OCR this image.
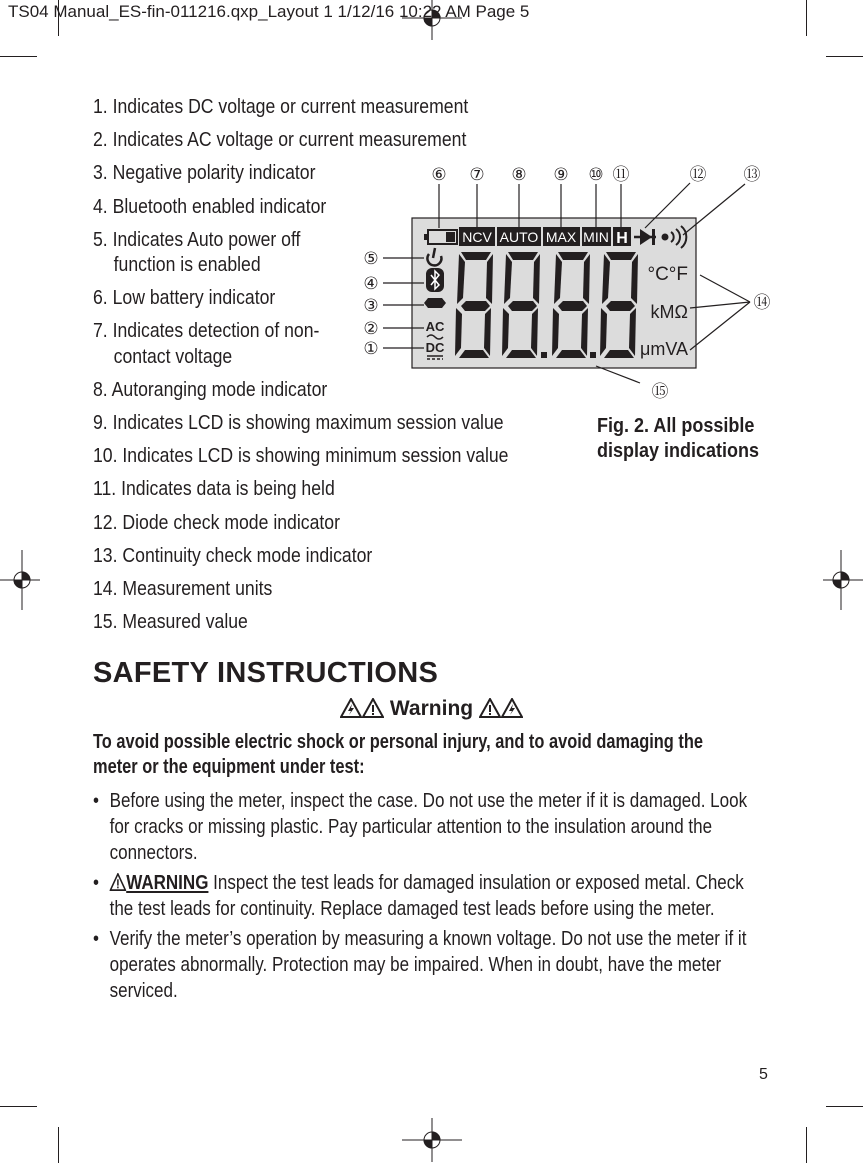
TS04 Manual_ES-fin-011216.qxp_Layout 1 1/12/16 10:22 AM Page 5
1. Indicates DC voltage or current measurement
2. Indicates AC voltage or current measurement
3. Negative polarity indicator
4. Bluetooth enabled indicator
5. Indicates Auto power off
function is enabled
6. Low battery indicator
7. Indicates detection of non-
contact voltage
8. Autoranging mode indicator
9. Indicates LCD is showing maximum session value
10. Indicates LCD is showing minimum session value
11. Indicates data is being held
12. Diode check mode indicator
13. Continuity check mode indicator
14. Measurement units
15. Measured value
NCV AUTO MAX MIN H
AC
DC
°C°F
kMΩ
μmVA
⑤
④
③
②
①
⑥ ⑦ ⑧ ⑨ ⑩ ⑪	⑫ ⑬
⑭
⑮
Fig. 2. All possible
display indications
SAFETY INSTRUCTIONS
Warning
To avoid possible electric shock or personal injury, and to avoid damaging the meter or the equipment under test:
• Before using the meter, inspect the case. Do not use the meter if it is damaged. Look for cracks or missing plastic. Pay particular attention to the insulation around the connectors.
• WARNING Inspect the test leads for damaged insulation or exposed metal. Check the test leads for continuity. Replace damaged test leads before using the meter.
• Verify the meter’s operation by measuring a known voltage. Do not use the meter if it operates abnormally. Protection may be impaired. When in doubt, have the meter serviced.
5
